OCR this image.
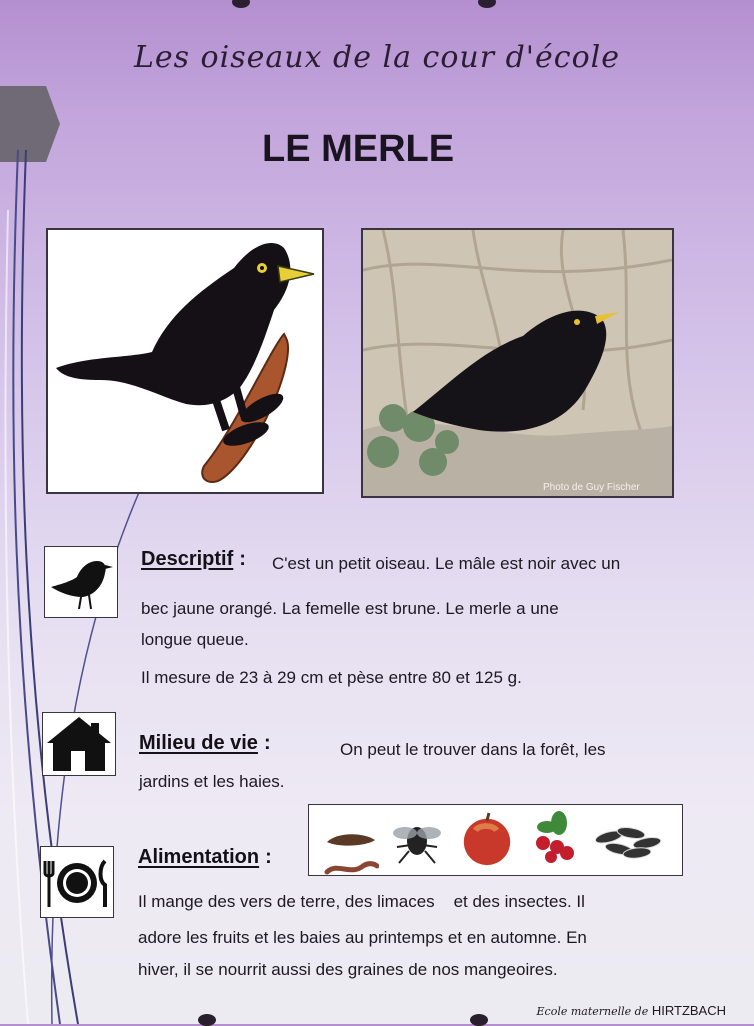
Les oiseaux de la cour d'école
LE MERLE
Photo de Guy Fischer
Descriptif : C'est un petit oiseau. Le mâle est noir avec un
bec jaune orangé. La femelle est brune. Le merle a une
longue queue.
Il mesure de 23 à 29 cm et pèse entre 80 et 125 g.
Milieu de vie :	On peut le trouver dans la forêt, les
jardins et les haies.
Alimentation :
Il mange des vers de terre, des limaces    et des insectes. Il
adore les fruits et les baies au printemps et en automne. En
hiver, il se nourrit aussi des graines de nos mangeoires.
Ecole maternelle de HIRTZBACH
